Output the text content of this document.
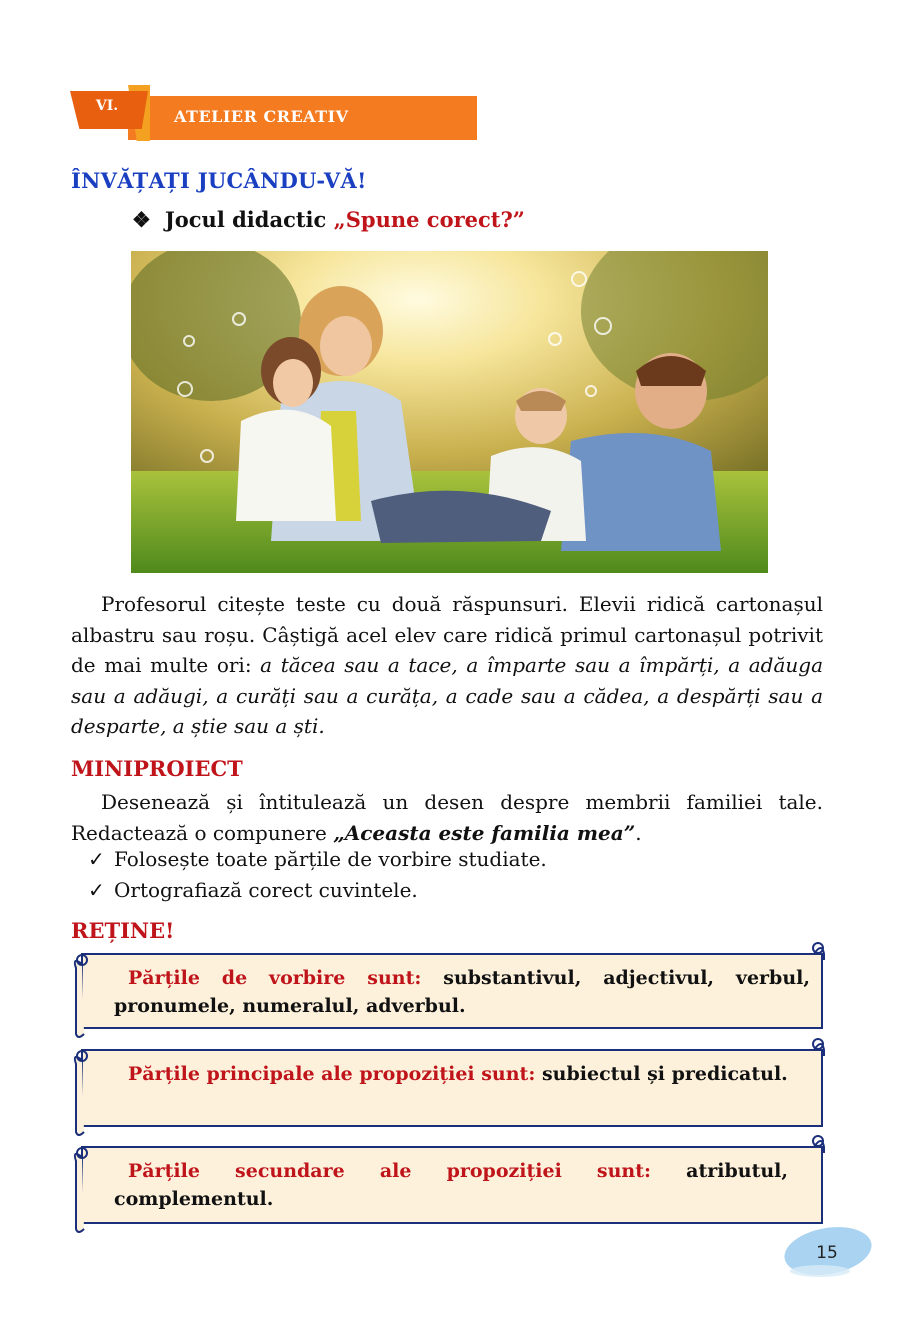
VI.
ATELIER CREATIV
ÎNVĂȚAȚI JUCÂNDU-VĂ!
❖ Jocul didactic „Spune corect?”
Profesorul citește teste cu două răspunsuri. Elevii ridică cartonașul albastru sau roșu. Câștigă acel elev care ridică primul cartonașul potrivit de mai multe ori: a tăcea sau a tace, a împarte sau a împărți, a adăuga sau a adăugi, a curăți sau a curăța, a cade sau a cădea, a despărți sau a desparte, a știe sau a ști.
MINIPROIECT
Desenează și întitulează un desen despre membrii familiei tale. Redactează o compunere „Aceasta este familia mea”.
✓ Folosește toate părțile de vorbire studiate.
✓ Ortografiază corect cuvintele.
REȚINE!
Părțile de vorbire sunt: substantivul, adjectivul, verbul, pronumele, numeralul, adverbul.
Părțile principale ale propoziției sunt: subiectul și predicatul.
Părțile secundare ale propoziției sunt: atributul, complementul.
15
